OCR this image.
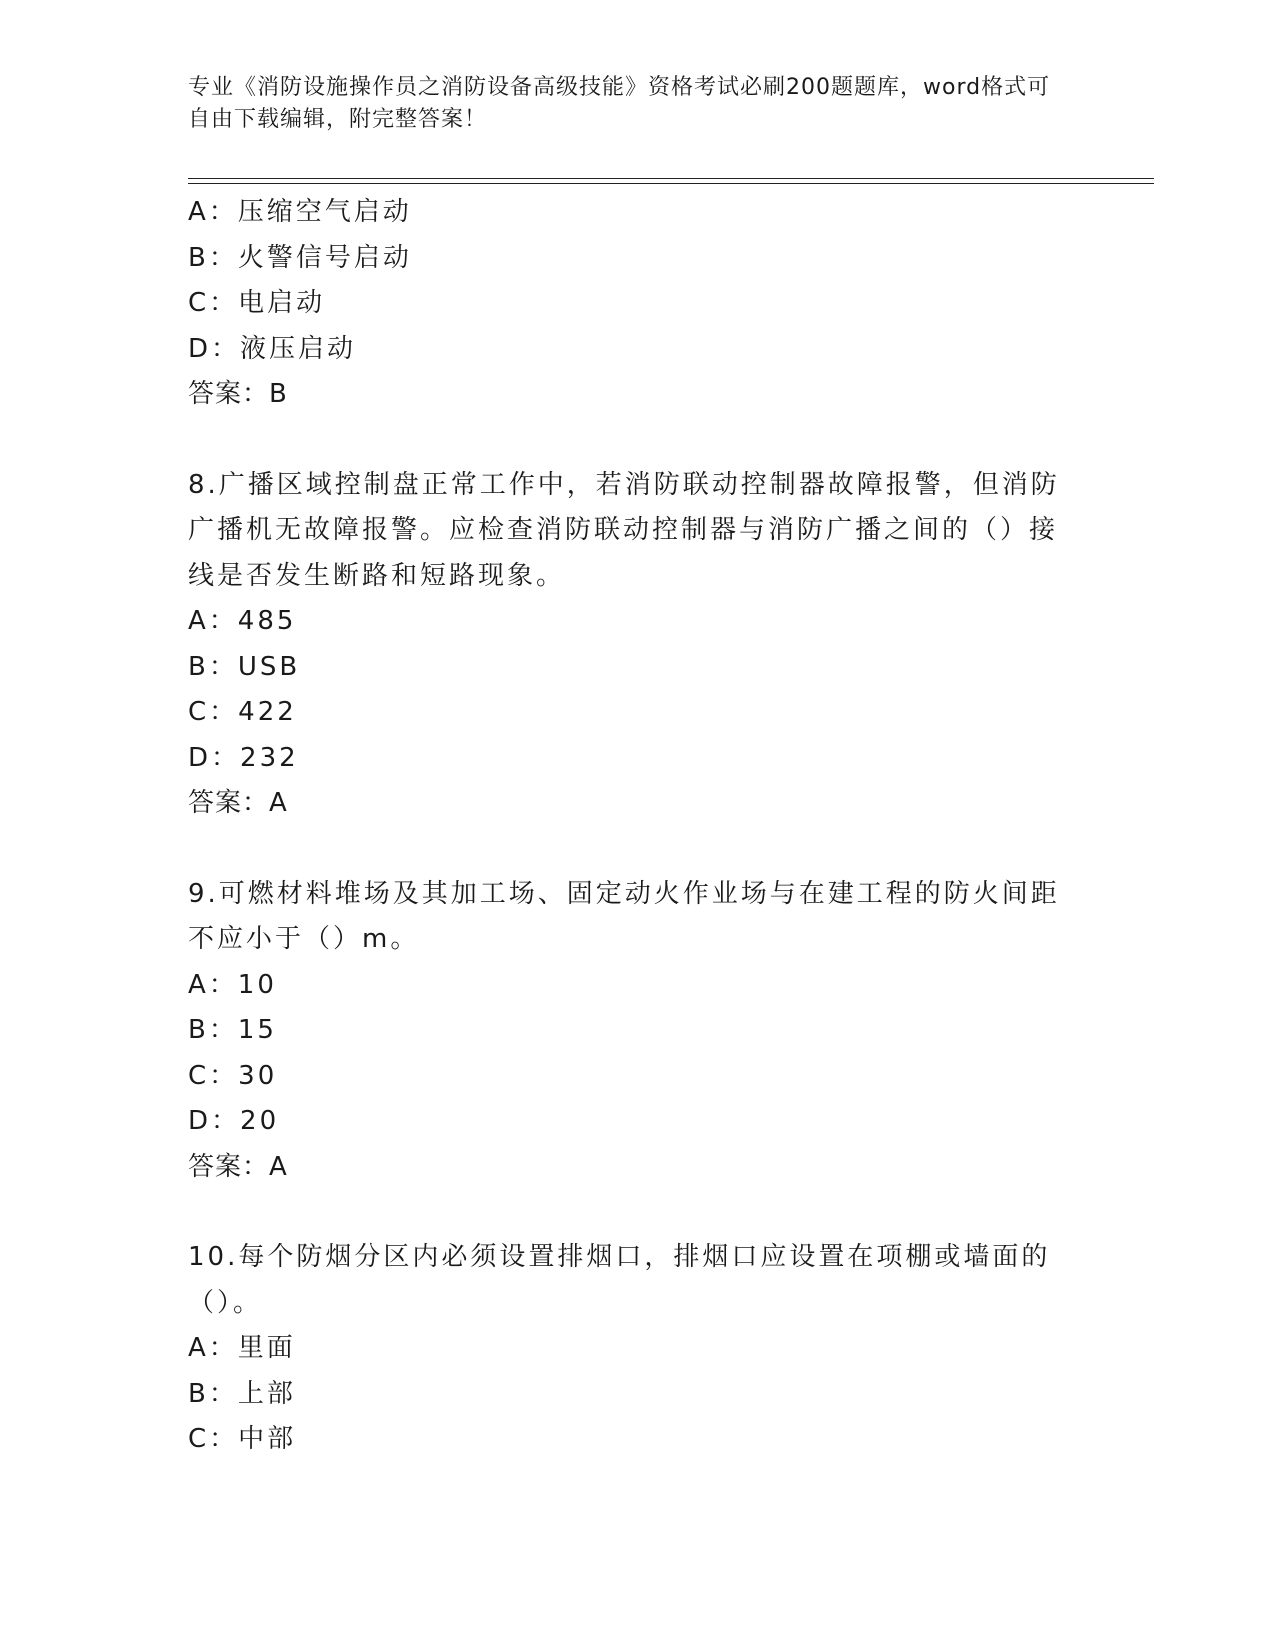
专业《消防设施操作员之消防设备高级技能》资格考试必刷200题题库，word格式可自由下载编辑，附完整答案！
A：压缩空气启动
B：火警信号启动
C：电启动
D：液压启动
答案：B
8.广播区域控制盘正常工作中，若消防联动控制器故障报警，但消防广播机无故障报警。应检查消防联动控制器与消防广播之间的（）接线是否发生断路和短路现象。
A：485
B：USB
C：422
D：232
答案：A
9.可燃材料堆场及其加工场、固定动火作业场与在建工程的防火间距不应小于（）m。
A：10
B：15
C：30
D：20
答案：A
10.每个防烟分区内必须设置排烟口，排烟口应设置在项棚或墙面的（）。
A：里面
B：上部
C：中部
